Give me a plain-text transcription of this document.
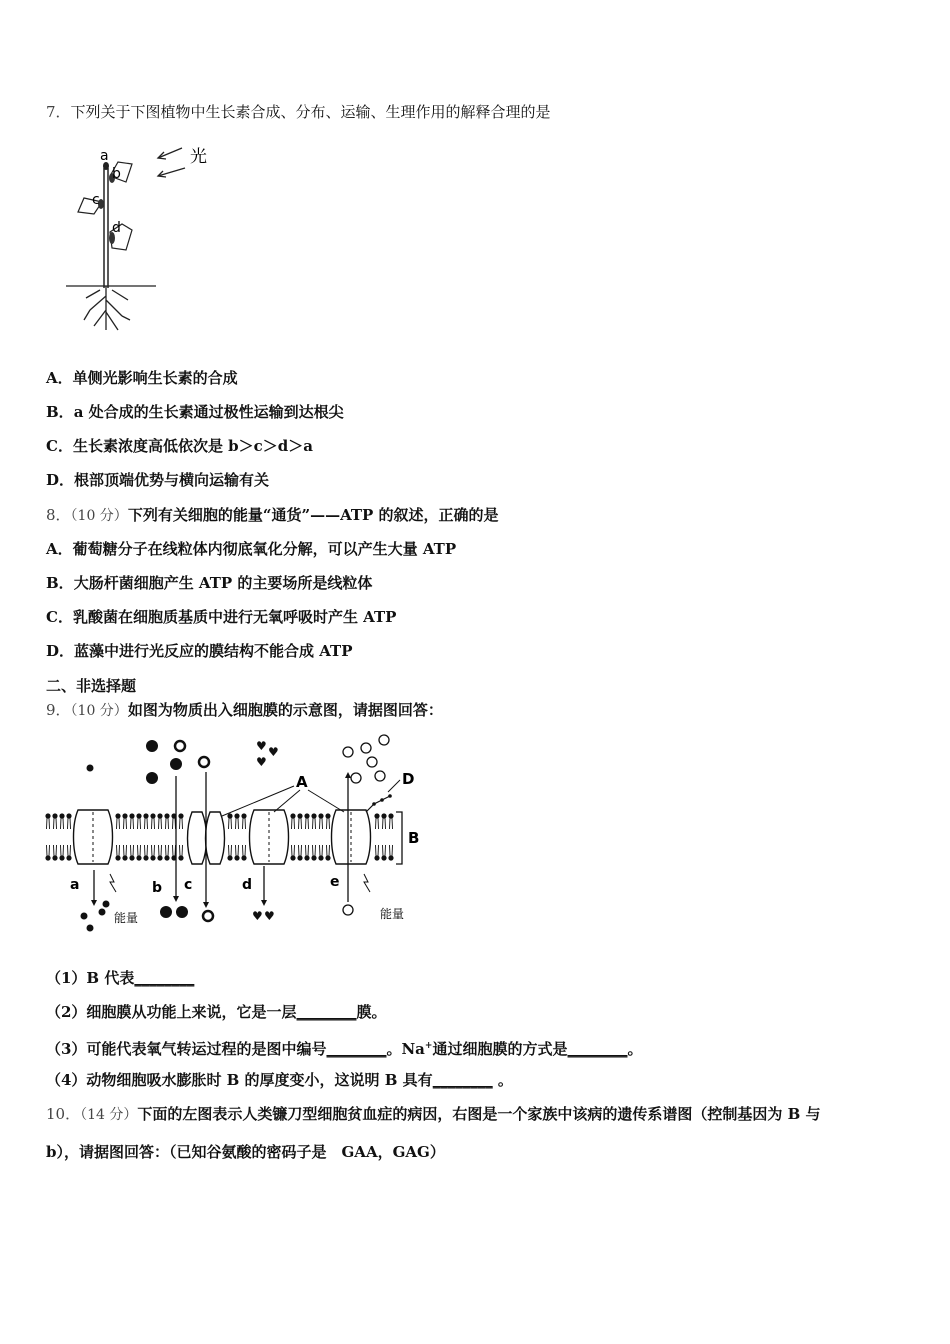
7．下列关于下图植物中生长素合成、分布、运输、生理作用的解释合理的是
光
a
b
c
d
A．单侧光影响生长素的合成
B．a 处合成的生长素通过极性运输到达根尖
C．生长素浓度高低依次是 b＞c＞d＞a
D．根部顶端优势与横向运输有关
8．（10 分）下列有关细胞的能量“通货”——ATP 的叙述，正确的是
A．葡萄糖分子在线粒体内彻底氧化分解，可以产生大量 ATP
B．大肠杆菌细胞产生 ATP 的主要场所是线粒体
C．乳酸菌在细胞质基质中进行无氧呼吸时产生 ATP
D．蓝藻中进行光反应的膜结构不能合成 ATP
二、非选择题
9．（10 分）如图为物质出入细胞膜的示意图，请据图回答：
B
A	D
a
能量
b c
♥ ♥
♥
d
♥ ♥
e
能量
（1）B 代表________
（2）细胞膜从功能上来说，它是一层________膜。
（3）可能代表氧气转运过程的是图中编号________。Na+通过细胞膜的方式是________。
（4）动物细胞吸水膨胀时 B 的厚度变小，这说明 B 具有________ 。
10．（14 分）下面的左图表示人类镰刀型细胞贫血症的病因，右图是一个家族中该病的遗传系谱图（控制基因为 B 与
b），请据图回答：（已知谷氨酸的密码子是　GAA，GAG）
